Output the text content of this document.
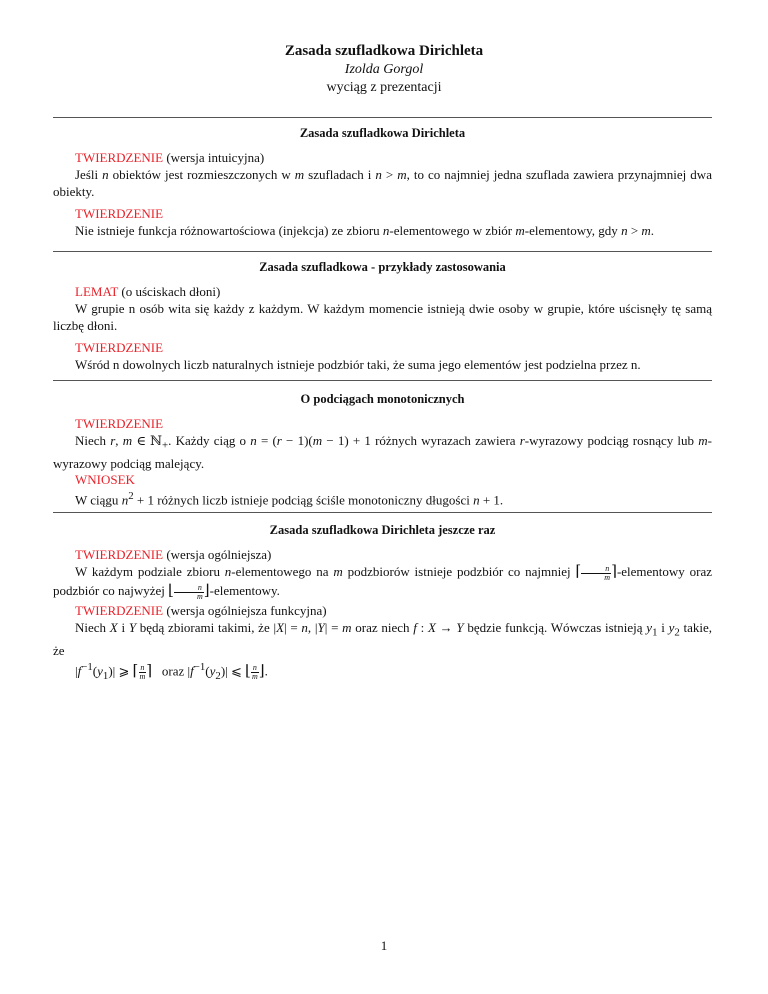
Zasada szufladkowa Dirichleta
Izolda Gorgol
wyciąg z prezentacji
Zasada szufladkowa Dirichleta
TWIERDZENIE (wersja intuicyjna)
Jeśli n obiektów jest rozmieszczonych w m szufladach i n > m, to co najmniej jedna szuflada zawiera przynajmniej dwa obiekty.
TWIERDZENIE
Nie istnieje funkcja różnowartościowa (injekcja) ze zbioru n-elementowego w zbiór m-elementowy, gdy n > m.
Zasada szufladkowa - przykłady zastosowania
LEMAT (o uściskach dłoni)
W grupie n osób wita się każdy z każdym. W każdym momencie istnieją dwie osoby w grupie, które uścisnęły tę samą liczbę dłoni.
TWIERDZENIE
Wśród n dowolnych liczb naturalnych istnieje podzbiór taki, że suma jego elementów jest podzielna przez n.
O podciągach monotonicznych
TWIERDZENIE
Niech r, m ∈ ℕ$_+$. Każdy ciąg o n = (r − 1)(m − 1) + 1 różnych wyrazach zawiera r-wyrazowy podciąg rosnący lub m-wyrazowy podciąg malejący.
WNIOSEK
W ciągu $n^2 + 1$ różnych liczb istnieje podciąg ściśle monotoniczny długości n + 1.
Zasada szufladkowa Dirichleta jeszcze raz
TWIERDZENIE (wersja ogólniejsza)
W każdym podziale zbioru n-elementowego na m podzbiorów istnieje podzbiór co najmniej ⌈ $\frac{n}{m}$ ⌉-elementowy oraz podzbiór co najwyżej ⌊ $\frac{n}{m}$ ⌋-elementowy.
TWIERDZENIE (wersja ogólniejsza funkcyjna)
Niech X i Y będą zbiorami takimi, że |X| = n, |Y| = m oraz niech f : X → Y będzie funkcją. Wówczas istnieją $y_1$ i $y_2$ takie, że
$|f^{-1}(y_1)|$ ⩾ ⌈ $\frac{n}{m}$ ⌉   oraz $|f^{-1}(y_2)|$ ⩽ ⌊ $\frac{n}{m}$ ⌋.
1
